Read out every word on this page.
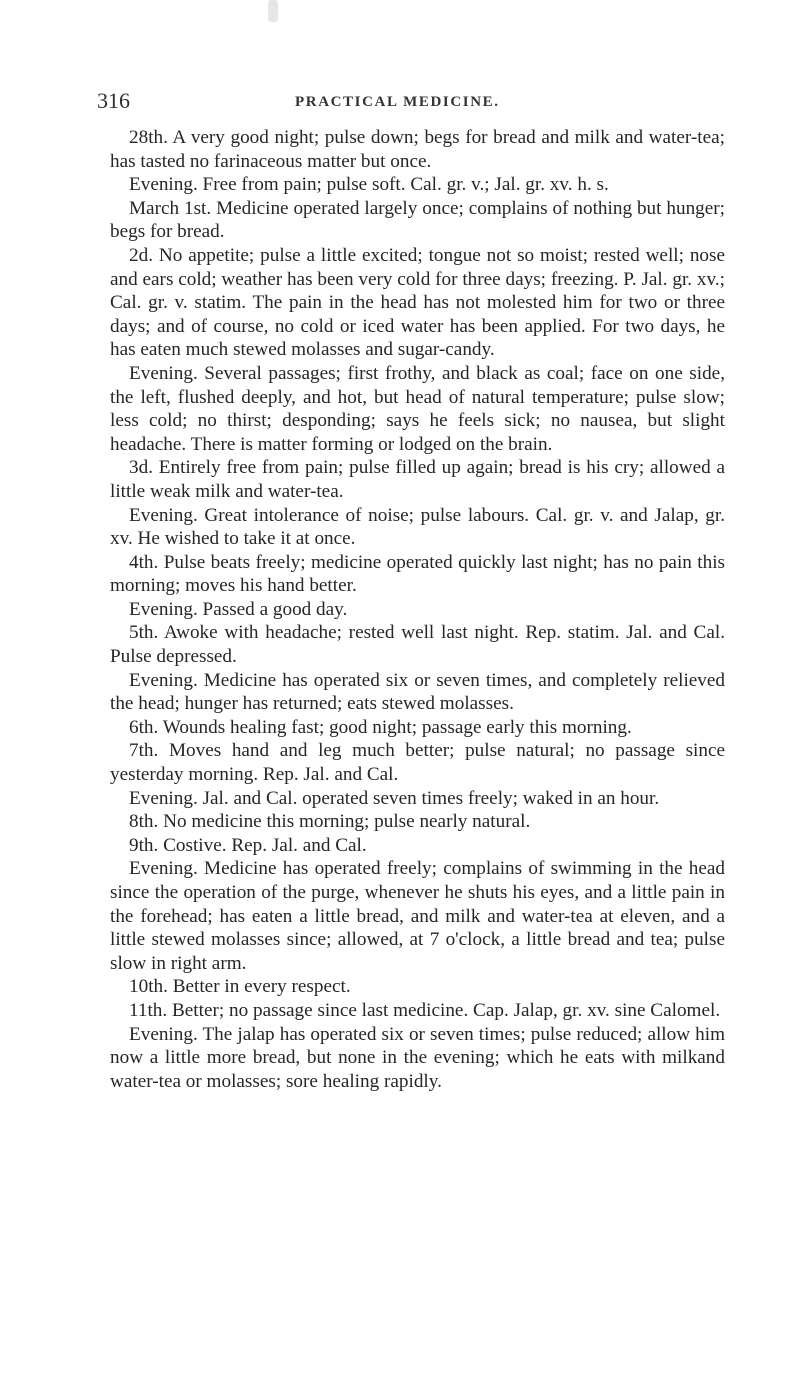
316	PRACTICAL MEDICINE.

28th. A very good night; pulse down; begs for bread and milk and water-tea; has tasted no farinaceous matter but once.

Evening. Free from pain; pulse soft. Cal. gr. v.; Jal. gr. xv. h. s.

March 1st. Medicine operated largely once; complains of nothing but hunger; begs for bread.

2d. No appetite; pulse a little excited; tongue not so moist; rested well; nose and ears cold; weather has been very cold for three days; freezing. P. Jal. gr. xv.; Cal. gr. v. statim. The pain in the head has not molested him for two or three days; and of course, no cold or iced water has been applied. For two days, he has eaten much stewed molasses and sugar-candy.

Evening. Several passages; first frothy, and black as coal; face on one side, the left, flushed deeply, and hot, but head of natural temperature; pulse slow; less cold; no thirst; desponding; says he feels sick; no nausea, but slight headache. There is matter forming or lodged on the brain.

3d. Entirely free from pain; pulse filled up again; bread is his cry; allowed a little weak milk and water-tea.

Evening. Great intolerance of noise; pulse labours. Cal. gr. v. and Jalap, gr. xv. He wished to take it at once.

4th. Pulse beats freely; medicine operated quickly last night; has no pain this morning; moves his hand better.

Evening. Passed a good day.

5th. Awoke with headache; rested well last night. Rep. statim. Jal. and Cal. Pulse depressed.

Evening. Medicine has operated six or seven times, and completely relieved the head; hunger has returned; eats stewed molasses.

6th. Wounds healing fast; good night; passage early this morning.

7th. Moves hand and leg much better; pulse natural; no passage since yesterday morning. Rep. Jal. and Cal.

Evening. Jal. and Cal. operated seven times freely; waked in an hour.

8th. No medicine this morning; pulse nearly natural.

9th. Costive. Rep. Jal. and Cal.

Evening. Medicine has operated freely; complains of swimming in the head since the operation of the purge, whenever he shuts his eyes, and a little pain in the forehead; has eaten a little bread, and milk and water-tea at eleven, and a little stewed molasses since; allowed, at 7 o'clock, a little bread and tea; pulse slow in right arm.

10th. Better in every respect.

11th. Better; no passage since last medicine. Cap. Jalap, gr. xv. sine Calomel.

Evening. The jalap has operated six or seven times; pulse reduced; allow him now a little more bread, but none in the evening; which he eats with milkand water-tea or molasses; sore healing rapidly.
